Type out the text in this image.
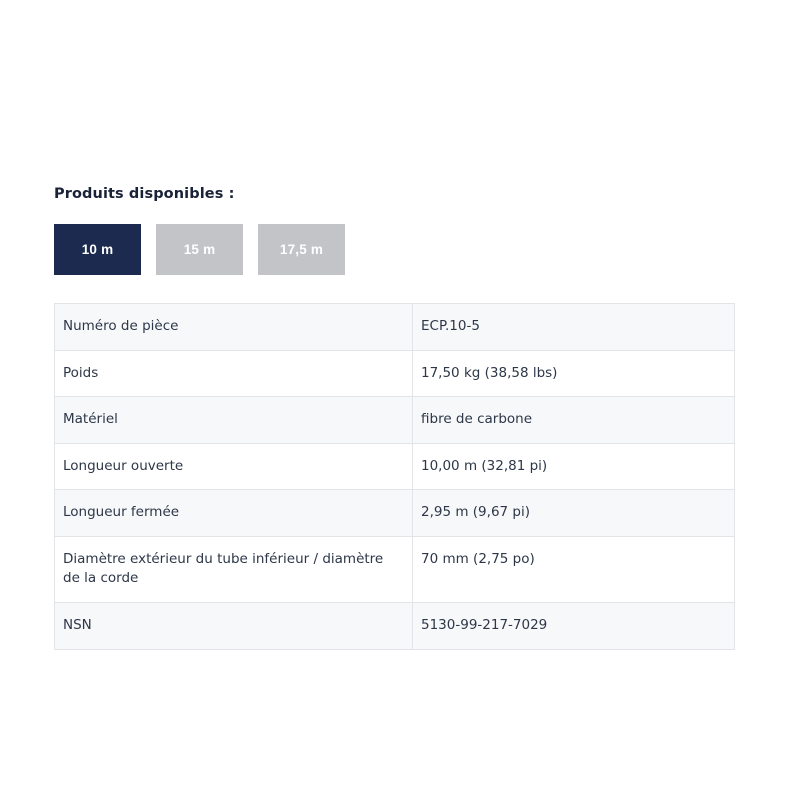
Produits disponibles :
10 m	15 m	17,5 m
Numéro de pièce	ECP.10-5
Poids	17,50 kg (38,58 lbs)
Matériel	fibre de carbone
Longueur ouverte	10,00 m (32,81 pi)
Longueur fermée	2,95 m (9,67 pi)
Diamètre extérieur du tube inférieur / diamètre de la corde	70 mm (2,75 po)
NSN	5130-99-217-7029
